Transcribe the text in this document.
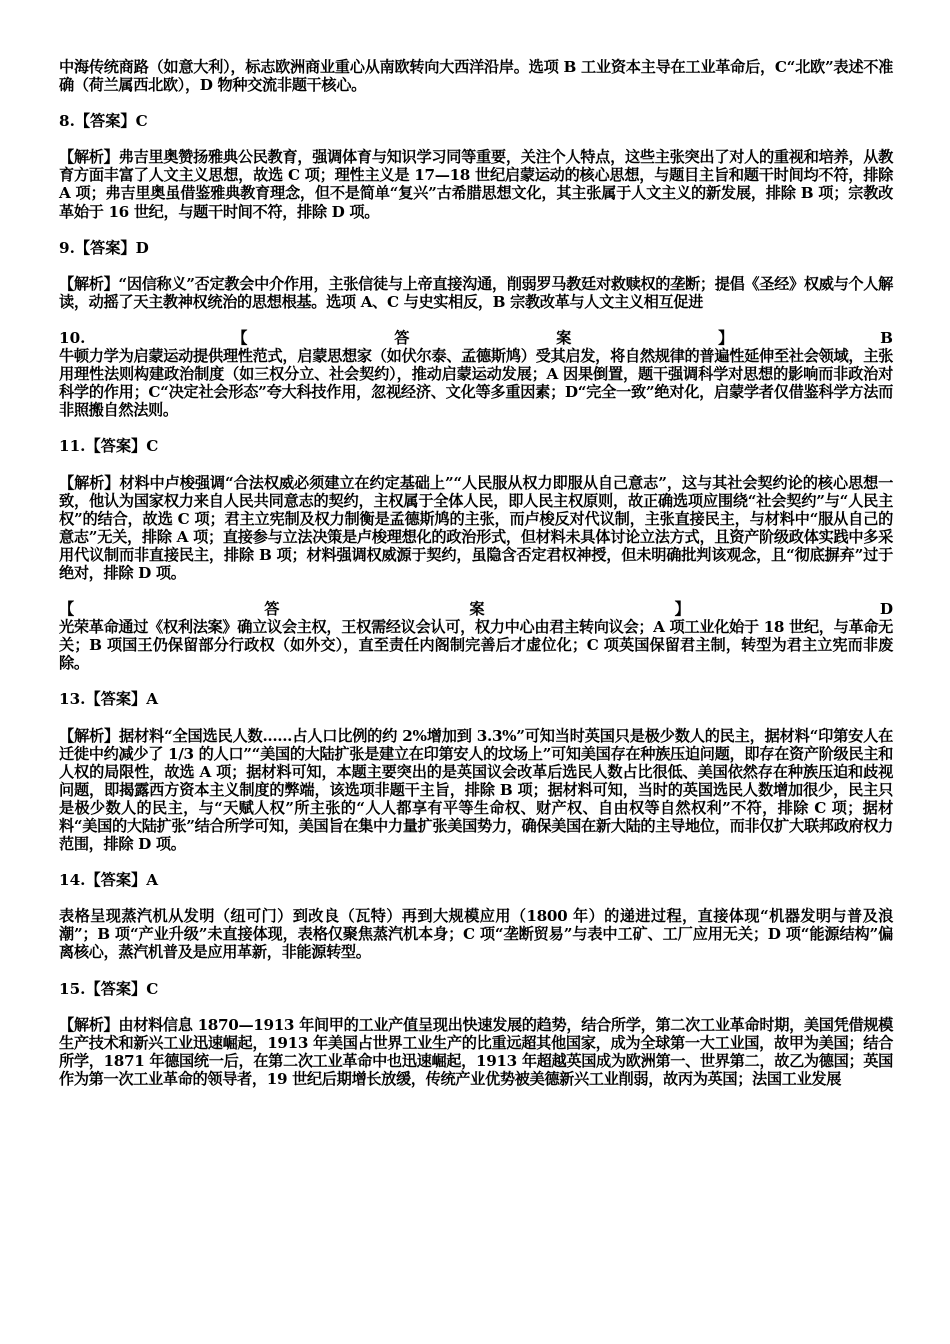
中海传统商路（如意大利），标志欧洲商业重心从南欧转向大西洋沿岸。选项 B 工业资本主导在工业革命后，C“北欧”表述不准确（荷兰属西北欧），D 物种交流非题干核心。

8.【答案】C

【解析】弗吉里奥赞扬雅典公民教育，强调体育与知识学习同等重要，关注个人特点，这些主张突出了对人的重视和培养，从教育方面丰富了人文主义思想，故选 C 项；理性主义是 17—18 世纪启蒙运动的核心思想，与题目主旨和题干时间均不符，排除 A 项；弗吉里奥虽借鉴雅典教育理念，但不是简单“复兴”古希腊思想文化，其主张属于人文主义的新发展，排除 B 项；宗教改革始于 16 世纪，与题干时间不符，排除 D 项。

9.【答案】D

【解析】“因信称义”否定教会中介作用，主张信徒与上帝直接沟通，削弱罗马教廷对救赎权的垄断；提倡《圣经》权威与个人解读，动摇了天主教神权统治的思想根基。选项 A、C 与史实相反，B 宗教改革与人文主义相互促进

10.	【	答	案	】	B

牛顿力学为启蒙运动提供理性范式，启蒙思想家（如伏尔泰、孟德斯鸠）受其启发，将自然规律的普遍性延伸至社会领域，主张用理性法则构建政治制度（如三权分立、社会契约），推动启蒙运动发展；A 因果倒置，题干强调科学对思想的影响而非政治对科学的作用；C“决定社会形态”夸大科技作用，忽视经济、文化等多重因素；D“完全一致”绝对化，启蒙学者仅借鉴科学方法而非照搬自然法则。

11.【答案】C

【解析】材料中卢梭强调“合法权威必须建立在约定基础上”“人民服从权力即服从自己意志”，这与其社会契约论的核心思想一致，他认为国家权力来自人民共同意志的契约，主权属于全体人民，即人民主权原则，故正确选项应围绕“社会契约”与“人民主权”的结合，故选 C 项；君主立宪制及权力制衡是孟德斯鸠的主张，而卢梭反对代议制，主张直接民主，与材料中“服从自己的意志”无关，排除 A 项；直接参与立法决策是卢梭理想化的政治形式，但材料未具体讨论立法方式，且资产阶级政体实践中多采用代议制而非直接民主，排除 B 项；材料强调权威源于契约，虽隐含否定君权神授，但未明确批判该观念，且“彻底摒弃”过于绝对，排除 D 项。

【	答	案	】	D

光荣革命通过《权利法案》确立议会主权，王权需经议会认可，权力中心由君主转向议会；A 项工业化始于 18 世纪，与革命无关；B 项国王仍保留部分行政权（如外交），直至责任内阁制完善后才虚位化；C 项英国保留君主制，转型为君主立宪而非废除。

13.【答案】A

【解析】据材料“全国选民人数......占人口比例的约 2%增加到 3.3%”可知当时英国只是极少数人的民主，据材料“印第安人在迁徙中约减少了 1/3 的人口”“美国的大陆扩张是建立在印第安人的坟场上”可知美国存在种族压迫问题，即存在资产阶级民主和人权的局限性，故选 A 项；据材料可知，本题主要突出的是英国议会改革后选民人数占比很低、美国依然存在种族压迫和歧视问题，即揭露西方资本主义制度的弊端，该选项非题干主旨，排除 B 项；据材料可知，当时的英国选民人数增加很少，民主只是极少数人的民主，与“天赋人权”所主张的“人人都享有平等生命权、财产权、自由权等自然权利”不符，排除 C 项；据材料“美国的大陆扩张”结合所学可知，美国旨在集中力量扩张美国势力，确保美国在新大陆的主导地位，而非仅扩大联邦政府权力范围，排除 D 项。

14.【答案】A

表格呈现蒸汽机从发明（纽可门）到改良（瓦特）再到大规模应用（1800 年）的递进过程，直接体现“机器发明与普及浪潮”；B 项“产业升级”未直接体现，表格仅聚焦蒸汽机本身；C 项“垄断贸易”与表中工矿、工厂应用无关；D 项“能源结构”偏离核心，蒸汽机普及是应用革新，非能源转型。

15.【答案】C

【解析】由材料信息 1870—1913 年间甲的工业产值呈现出快速发展的趋势，结合所学，第二次工业革命时期，美国凭借规模生产技术和新兴工业迅速崛起，1913 年美国占世界工业生产的比重远超其他国家，成为全球第一大工业国，故甲为美国；结合所学，1871 年德国统一后，在第二次工业革命中也迅速崛起，1913 年超越英国成为欧洲第一、世界第二，故乙为德国；英国作为第一次工业革命的领导者，19 世纪后期增长放缓，传统产业优势被美德新兴工业削弱，故丙为英国；法国工业发展
